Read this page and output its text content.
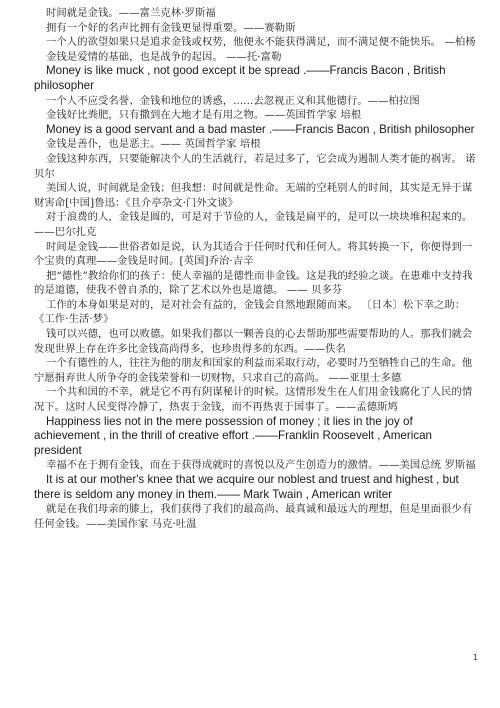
时间就是金钱。——富兰克林·罗斯福

拥有一个好的名声比拥有金钱更显得重要。——赛勒斯

一个人的欲望如果只是追求金钱或权势，他便永不能获得满足，而不满足便不能快乐。 —柏杨

金钱是爱情的基础，也是战争的起因。 ——托·富勒

Money is like muck , not good except it be spread .——Francis Bacon , British philosopher

一个人不应受名誉、金钱和地位的诱惑，......去忽视正义和其他德行。——柏拉图

金钱好比粪肥，只有撒到在大地才是有用之物。——英国哲学家 培根

Money is a good servant and a bad master .——Francis Bacon , British philosopher

金钱是善仆，也是恶主。—— 英国哲学家 培根

金钱这种东西，只要能解决个人的生活就行，若是过多了，它会成为遏制人类才能的祸害。 诺贝尔

美国人说，时间就是金钱；但我想：时间就是性命。无端的空耗别人的时间，其实是无异于谋财害命[中国]鲁迅：《且介亭杂文·门外文谈》

对于浪费的人，金钱是圆的，可是对于节俭的人，金钱是扁平的，是可以一块块堆积起来的。——巴尔扎克

时间是金钱——世俗者如是说，认为其适合于任何时代和任何人。将其转换一下，你便得到一个宝贵的真理——金钱是时间。[英国]乔治·吉辛

把“德性”教给你们的孩子：使人幸福的是德性而非金钱。这是我的经验之谈。在患难中支持我的是道德，使我不曾自杀的，除了艺术以外也是道德。 —— 贝多芬

工作的本身如果是对的，是对社会有益的，金钱会自然地跟随而来。 〔日本〕松下幸之助：《工作·生活·梦》

钱可以兴德，也可以败德。如果我们都以一颗善良的心去帮助那些需要帮助的人。那我们就会发现世界上存在许多比金钱高尚得多，也珍贵得多的东西。——佚名

一个有德性的人，往往为他的朋友和国家的利益而采取行动，必要时乃至牺牲自己的生命。他宁愿捐弃世人所争夺的金钱荣誉和一切财物，只求自己的高尚。 ——亚里士多德

一个共和国的不幸，就是它不再有阴谋秘计的时候。这情形发生在人们用金钱腐化了人民的情况下。这时人民变得冷静了，热衷于金钱，而不再热衷于国事了。——孟德斯鸠

Happiness lies not in the mere possession of money ; it lies in the joy of achievement , in the thrill of creative effort .——Franklin Roosevelt , American president

幸福不在于拥有金钱，而在于获得成就时的喜悦以及产生创造力的激情。——美国总统 罗斯福

It is at our mother's knee that we acquire our noblest and truest and highest , but there is seldom any money in them.—— Mark Twain , American writer

就是在我们母亲的膝上，我们获得了我们的最高尚、最真诚和最远大的理想，但是里面很少有任何金钱。——美国作家 马克·吐温

1
